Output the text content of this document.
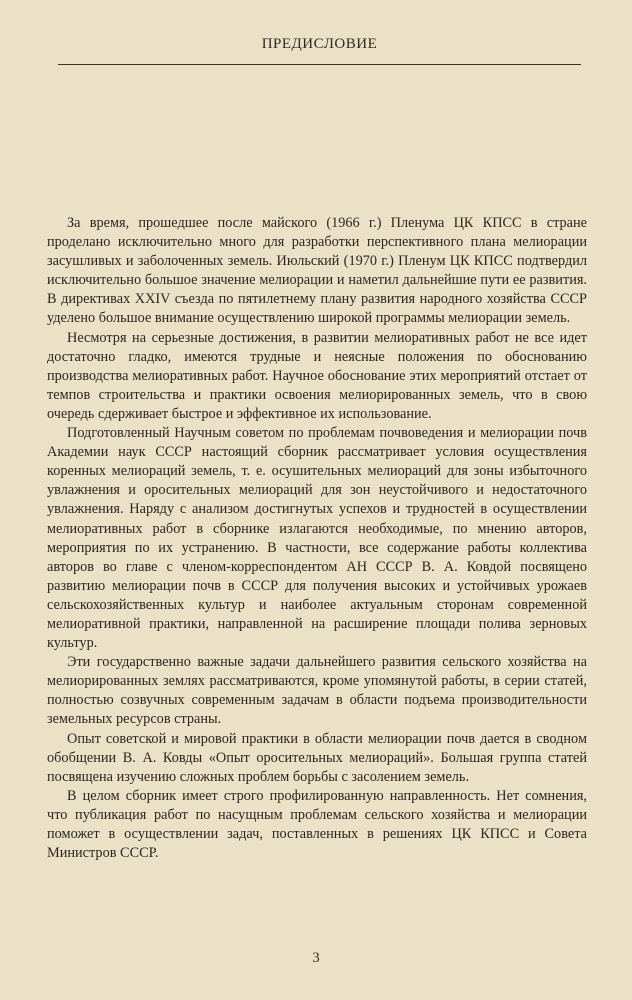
ПРЕДИСЛОВИЕ

За время, прошедшее после майского (1966 г.) Пленума ЦК КПСС в стране проделано исключительно много для разработки перспективного плана мелиорации засушливых и заболоченных земель. Июльский (1970 г.) Пленум ЦК КПСС подтвердил исключительно большое значение мелиорации и наметил дальнейшие пути ее развития. В директивах XXIV съезда по пятилетнему плану развития народного хозяйства СССР уделено большое внимание осуществлению широкой программы мелиорации земель.

Несмотря на серьезные достижения, в развитии мелиоративных работ не все идет достаточно гладко, имеются трудные и неясные положения по обоснованию производства мелиоративных работ. Научное обоснование этих мероприятий отстает от темпов строительства и практики освоения мелиорированных земель, что в свою очередь сдерживает быстрое и эффективное их использование.

Подготовленный Научным советом по проблемам почвоведения и мелиорации почв Академии наук СССР настоящий сборник рассматривает условия осуществления коренных мелиораций земель, т. е. осушительных мелиораций для зоны избыточного увлажнения и оросительных мелиораций для зон неустойчивого и недостаточного увлажнения. Наряду с анализом достигнутых успехов и трудностей в осуществлении мелиоративных работ в сборнике излагаются необходимые, по мнению авторов, мероприятия по их устранению. В частности, все содержание работы коллектива авторов во главе с членом-корреспондентом АН СССР В. А. Ковдой посвящено развитию мелиорации почв в СССР для получения высоких и устойчивых урожаев сельскохозяйственных культур и наиболее актуальным сторонам современной мелиоративной практики, направленной на расширение площади полива зерновых культур.

Эти государственно важные задачи дальнейшего развития сельского хозяйства на мелиорированных землях рассматриваются, кроме упомянутой работы, в серии статей, полностью созвучных современным задачам в области подъема производительности земельных ресурсов страны.

Опыт советской и мировой практики в области мелиорации почв дается в сводном обобщении В. А. Ковды «Опыт оросительных мелиораций». Большая группа статей посвящена изучению сложных проблем борьбы с засолением земель.

В целом сборник имеет строго профилированную направленность. Нет сомнения, что публикация работ по насущным проблемам сельского хозяйства и мелиорации поможет в осуществлении задач, поставленных в решениях ЦК КПСС и Совета Министров СССР.

3
